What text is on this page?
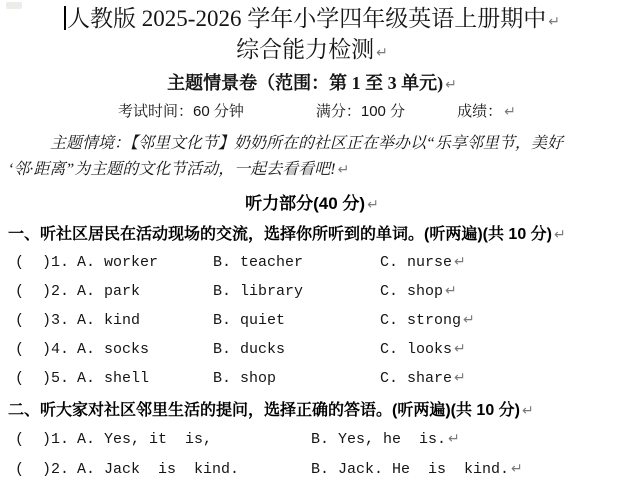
人教版 2025-2026 学年小学四年级英语上册期中 ↵
综合能力检测 ↵
主题情景卷（范围：第 1 至 3 单元) ↵
考试时间：60 分钟	满分：100 分	成绩： ↵
主题情境：【邻里文化节】奶奶所在的社区正在举办以“乐享邻里节，美好
‘邻·距离”为主题的文化节活动，一起去看看吧! ↵
听力部分(40 分) ↵
一、听社区居民在活动现场的交流，选择你所听到的单词。(听两遍)(共 10 分) ↵
(  )1. A. worker	B. teacher	C. nurse ↵
(  )2. A. park	B. library	C. shop ↵
(  )3. A. kind	B. quiet	C. strong ↵
(  )4. A. socks	B. ducks	C. looks ↵
(  )5. A. shell	B. shop	C. share ↵
二、听大家对社区邻里生活的提问，选择正确的答语。(听两遍)(共 10 分) ↵
(  )1. A. Yes, it  is,	B. Yes, he  is. ↵
(  )2. A. Jack  is  kind.	B. Jack. He  is  kind. ↵
